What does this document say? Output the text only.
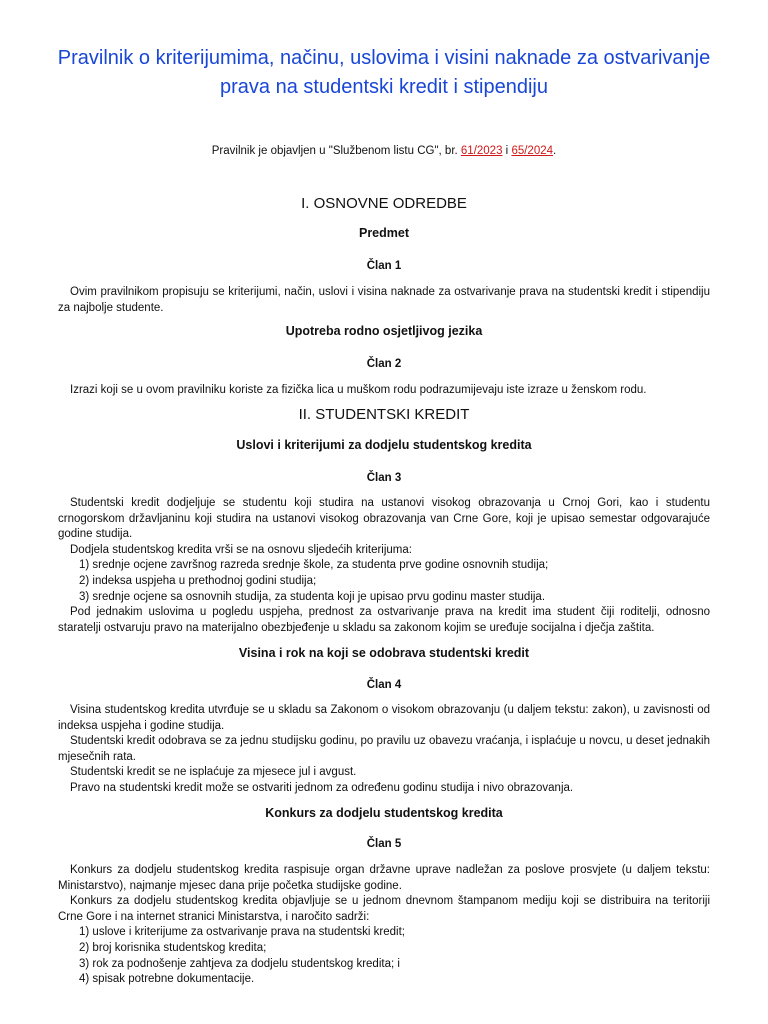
Pravilnik o kriterijumima, načinu, uslovima i visini naknade za ostvarivanje prava na studentski kredit i stipendiju

Pravilnik je objavljen u "Službenom listu CG", br. 61/2023 i 65/2024.

I. OSNOVNE ODREDBE
Predmet
Član 1

Ovim pravilnikom propisuju se kriterijumi, način, uslovi i visina naknade za ostvarivanje prava na studentski kredit i stipendiju za najbolje studente.

Upotreba rodno osjetljivog jezika
Član 2

Izrazi koji se u ovom pravilniku koriste za fizička lica u muškom rodu podrazumijevaju iste izraze u ženskom rodu.

II. STUDENTSKI KREDIT
Uslovi i kriterijumi za dodjelu studentskog kredita
Član 3

Studentski kredit dodjeljuje se studentu koji studira na ustanovi visokog obrazovanja u Crnoj Gori, kao i studentu crnogorskom državljaninu koji studira na ustanovi visokog obrazovanja van Crne Gore, koji je upisao semestar odgovarajuće godine studija.

Dodjela studentskog kredita vrši se na osnovu sljedećih kriterijuma:

1) srednje ocjene završnog razreda srednje škole, za studenta prve godine osnovnih studija;

2) indeksa uspjeha u prethodnoj godini studija;

3) srednje ocjene sa osnovnih studija, za studenta koji je upisao prvu godinu master studija.

Pod jednakim uslovima u pogledu uspjeha, prednost za ostvarivanje prava na kredit ima student čiji roditelji, odnosno staratelji ostvaruju pravo na materijalno obezbjeđenje u skladu sa zakonom kojim se uređuje socijalna i dječja zaštita.

Visina i rok na koji se odobrava studentski kredit
Član 4

Visina studentskog kredita utvrđuje se u skladu sa Zakonom o visokom obrazovanju (u daljem tekstu: zakon), u zavisnosti od indeksa uspjeha i godine studija.

Studentski kredit odobrava se za jednu studijsku godinu, po pravilu uz obavezu vraćanja, i isplaćuje u novcu, u deset jednakih mjesečnih rata.

Studentski kredit se ne isplaćuje za mjesece jul i avgust.

Pravo na studentski kredit može se ostvariti jednom za određenu godinu studija i nivo obrazovanja.

Konkurs za dodjelu studentskog kredita
Član 5

Konkurs za dodjelu studentskog kredita raspisuje organ državne uprave nadležan za poslove prosvjete (u daljem tekstu: Ministarstvo), najmanje mjesec dana prije početka studijske godine.

Konkurs za dodjelu studentskog kredita objavljuje se u jednom dnevnom štampanom mediju koji se distribuira na teritoriji Crne Gore i na internet stranici Ministarstva, i naročito sadrži:

1) uslove i kriterijume za ostvarivanje prava na studentski kredit;

2) broj korisnika studentskog kredita;

3) rok za podnošenje zahtjeva za dodjelu studentskog kredita; i

4) spisak potrebne dokumentacije.
